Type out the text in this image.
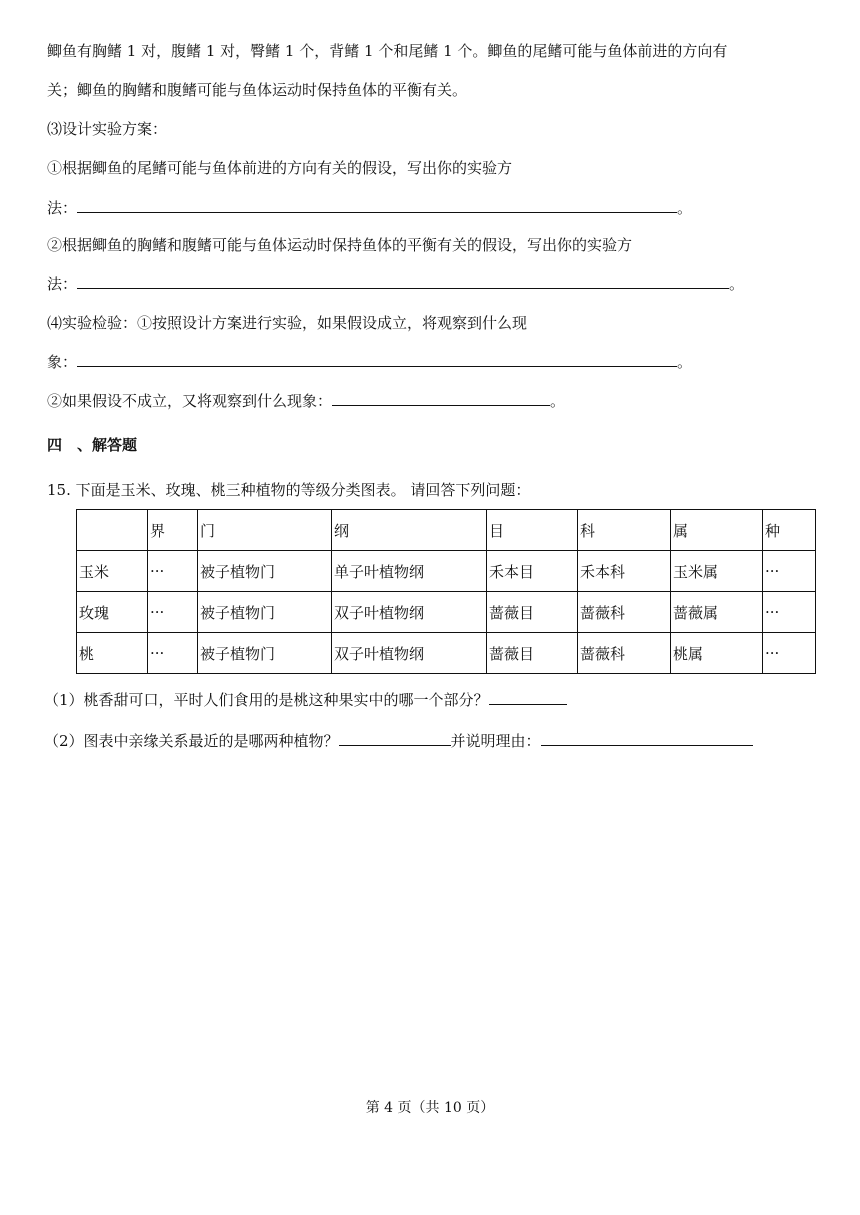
鲫鱼有胸鳍 1 对，腹鳍 1 对，臀鳍 1 个，背鳍 1 个和尾鳍 1 个。鲫鱼的尾鳍可能与鱼体前进的方向有
关；鲫鱼的胸鳍和腹鳍可能与鱼体运动时保持鱼体的平衡有关。
⑶设计实验方案：
①根据鲫鱼的尾鳍可能与鱼体前进的方向有关的假设，写出你的实验方
法：	。
②根据鲫鱼的胸鳍和腹鳍可能与鱼体运动时保持鱼体的平衡有关的假设，写出你的实验方
法：	。
⑷实验检验：①按照设计方案进行实验，如果假设成立，将观察到什么现
象：	。
②如果假设不成立，又将观察到什么现象：	。
四　、解答题
15. 下面是玉米、玫瑰、桃三种植物的等级分类图表。 请回答下列问题：
	界	门	纲	目	科	属	种
玉米	···	被子植物门	单子叶植物纲	禾本目	禾本科	玉米属	···
玫瑰	···	被子植物门	双子叶植物纲	蔷薇目	蔷薇科	蔷薇属	···
桃	···	被子植物门	双子叶植物纲	蔷薇目	蔷薇科	桃属	···
（1）桃香甜可口，平时人们食用的是桃这种果实中的哪一个部分？
（2）图表中亲缘关系最近的是哪两种植物？	并说明理由：
第 4 页（共 10 页）
